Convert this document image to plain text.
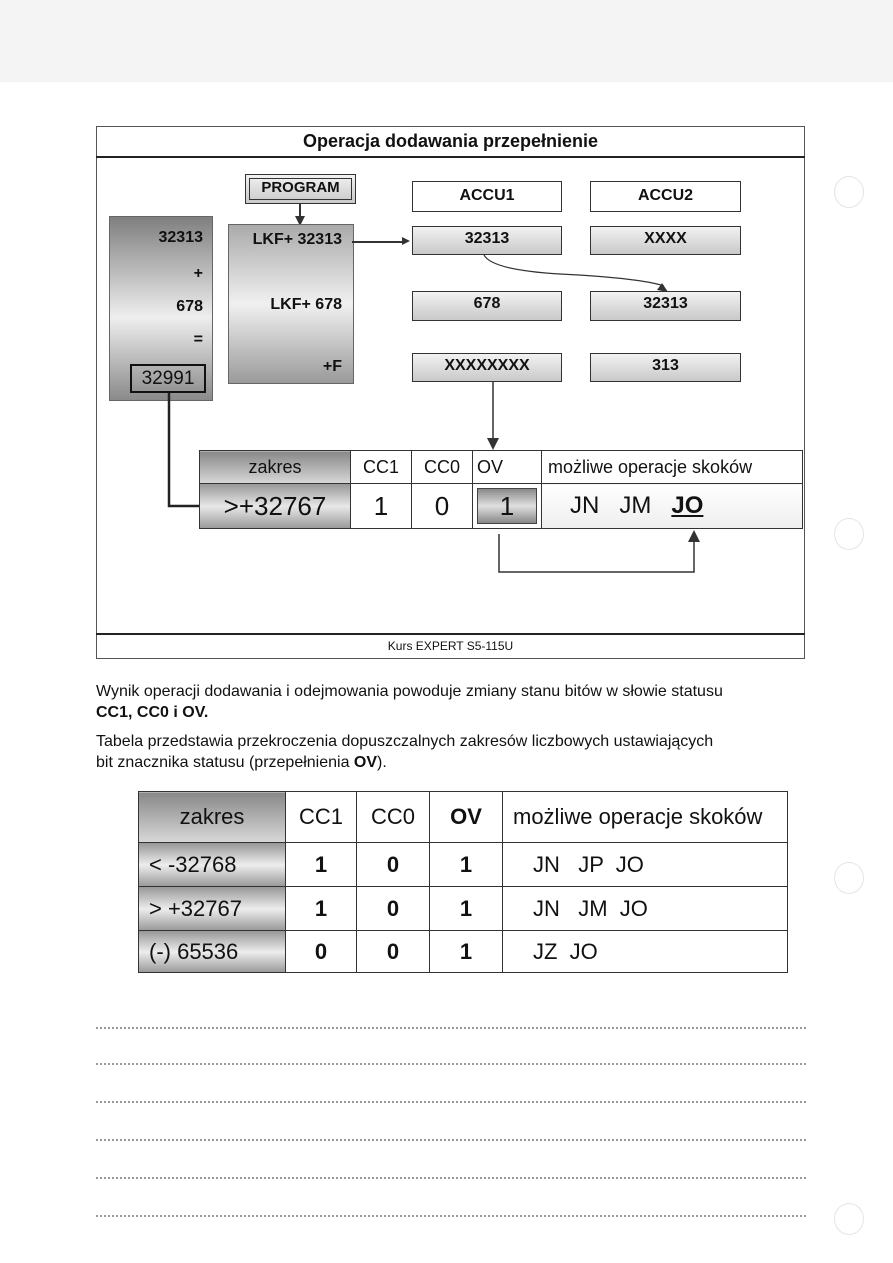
Operacja dodawania przepełnienie
Kurs EXPERT S5-115U
32313
+
678
=
32991
PROGRAM
LKF+ 32313
LKF+ 678
+F
ACCU1	ACCU2
32313	XXXX
678	32313
XXXXXXXX	313
zakres	CC1	CC0	OV	możliwe operacje skoków
>+32767	1	0	1	JN JM JO
Wynik operacji dodawania i odejmowania powoduje zmiany stanu bitów w słowie statusu
CC1, CC0 i OV.
Tabela przedstawia przekroczenia dopuszczalnych zakresów liczbowych ustawiających
bit znacznika statusu (przepełnienia OV).
zakres	CC1	CC0	OV	możliwe operacje skoków
< -32768	1	0	1	JN   JP  JO
> +32767	1	0	1	JN   JM  JO
(-) 65536	0	0	1	JZ  JO
